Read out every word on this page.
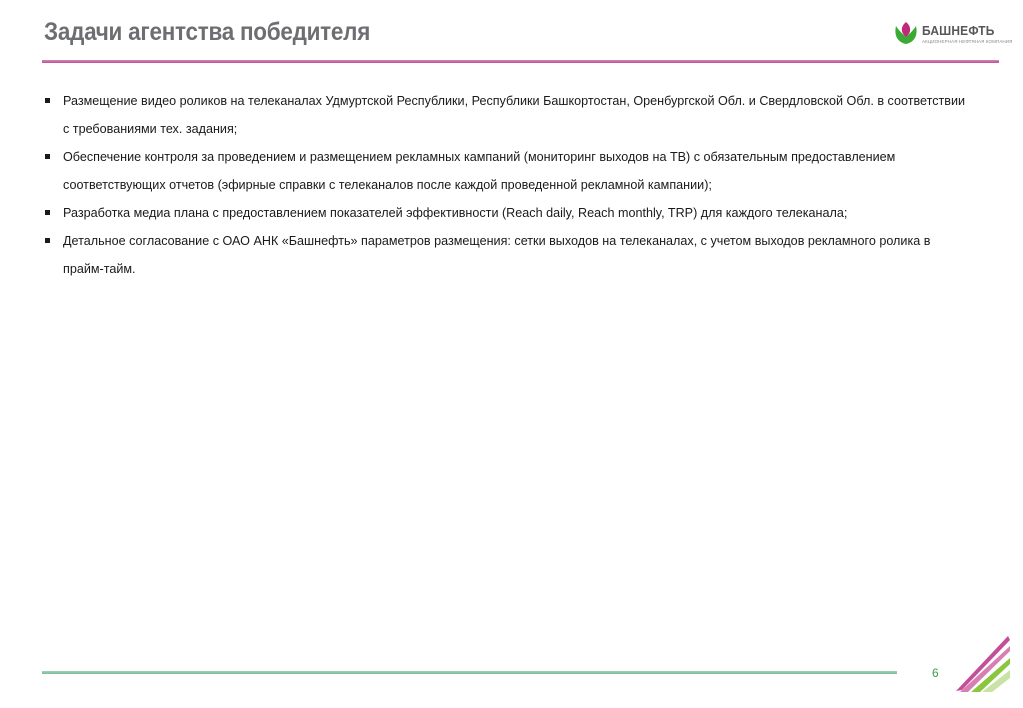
Задачи агентства победителя	БАШНЕФТЬ
АКЦИОНЕРНАЯ НЕФТЯНАЯ КОМПАНИЯ
Размещение видео роликов на телеканалах Удмуртской Республики, Республики Башкортостан, Оренбургской Обл. и Свердловской Обл. в соответствии с требованиями тех. задания;
Обеспечение контроля за проведением и размещением рекламных кампаний (мониторинг выходов на ТВ) с обязательным предоставлением соответствующих отчетов (эфирные справки с телеканалов после каждой проведенной рекламной кампании);
Разработка медиа плана с предоставлением показателей эффективности (Reach daily, Reach monthly, TRP) для каждого телеканала;
Детальное согласование с ОАО АНК «Башнефть» параметров размещения: сетки выходов на телеканалах, с учетом выходов рекламного ролика в прайм-тайм.
6
